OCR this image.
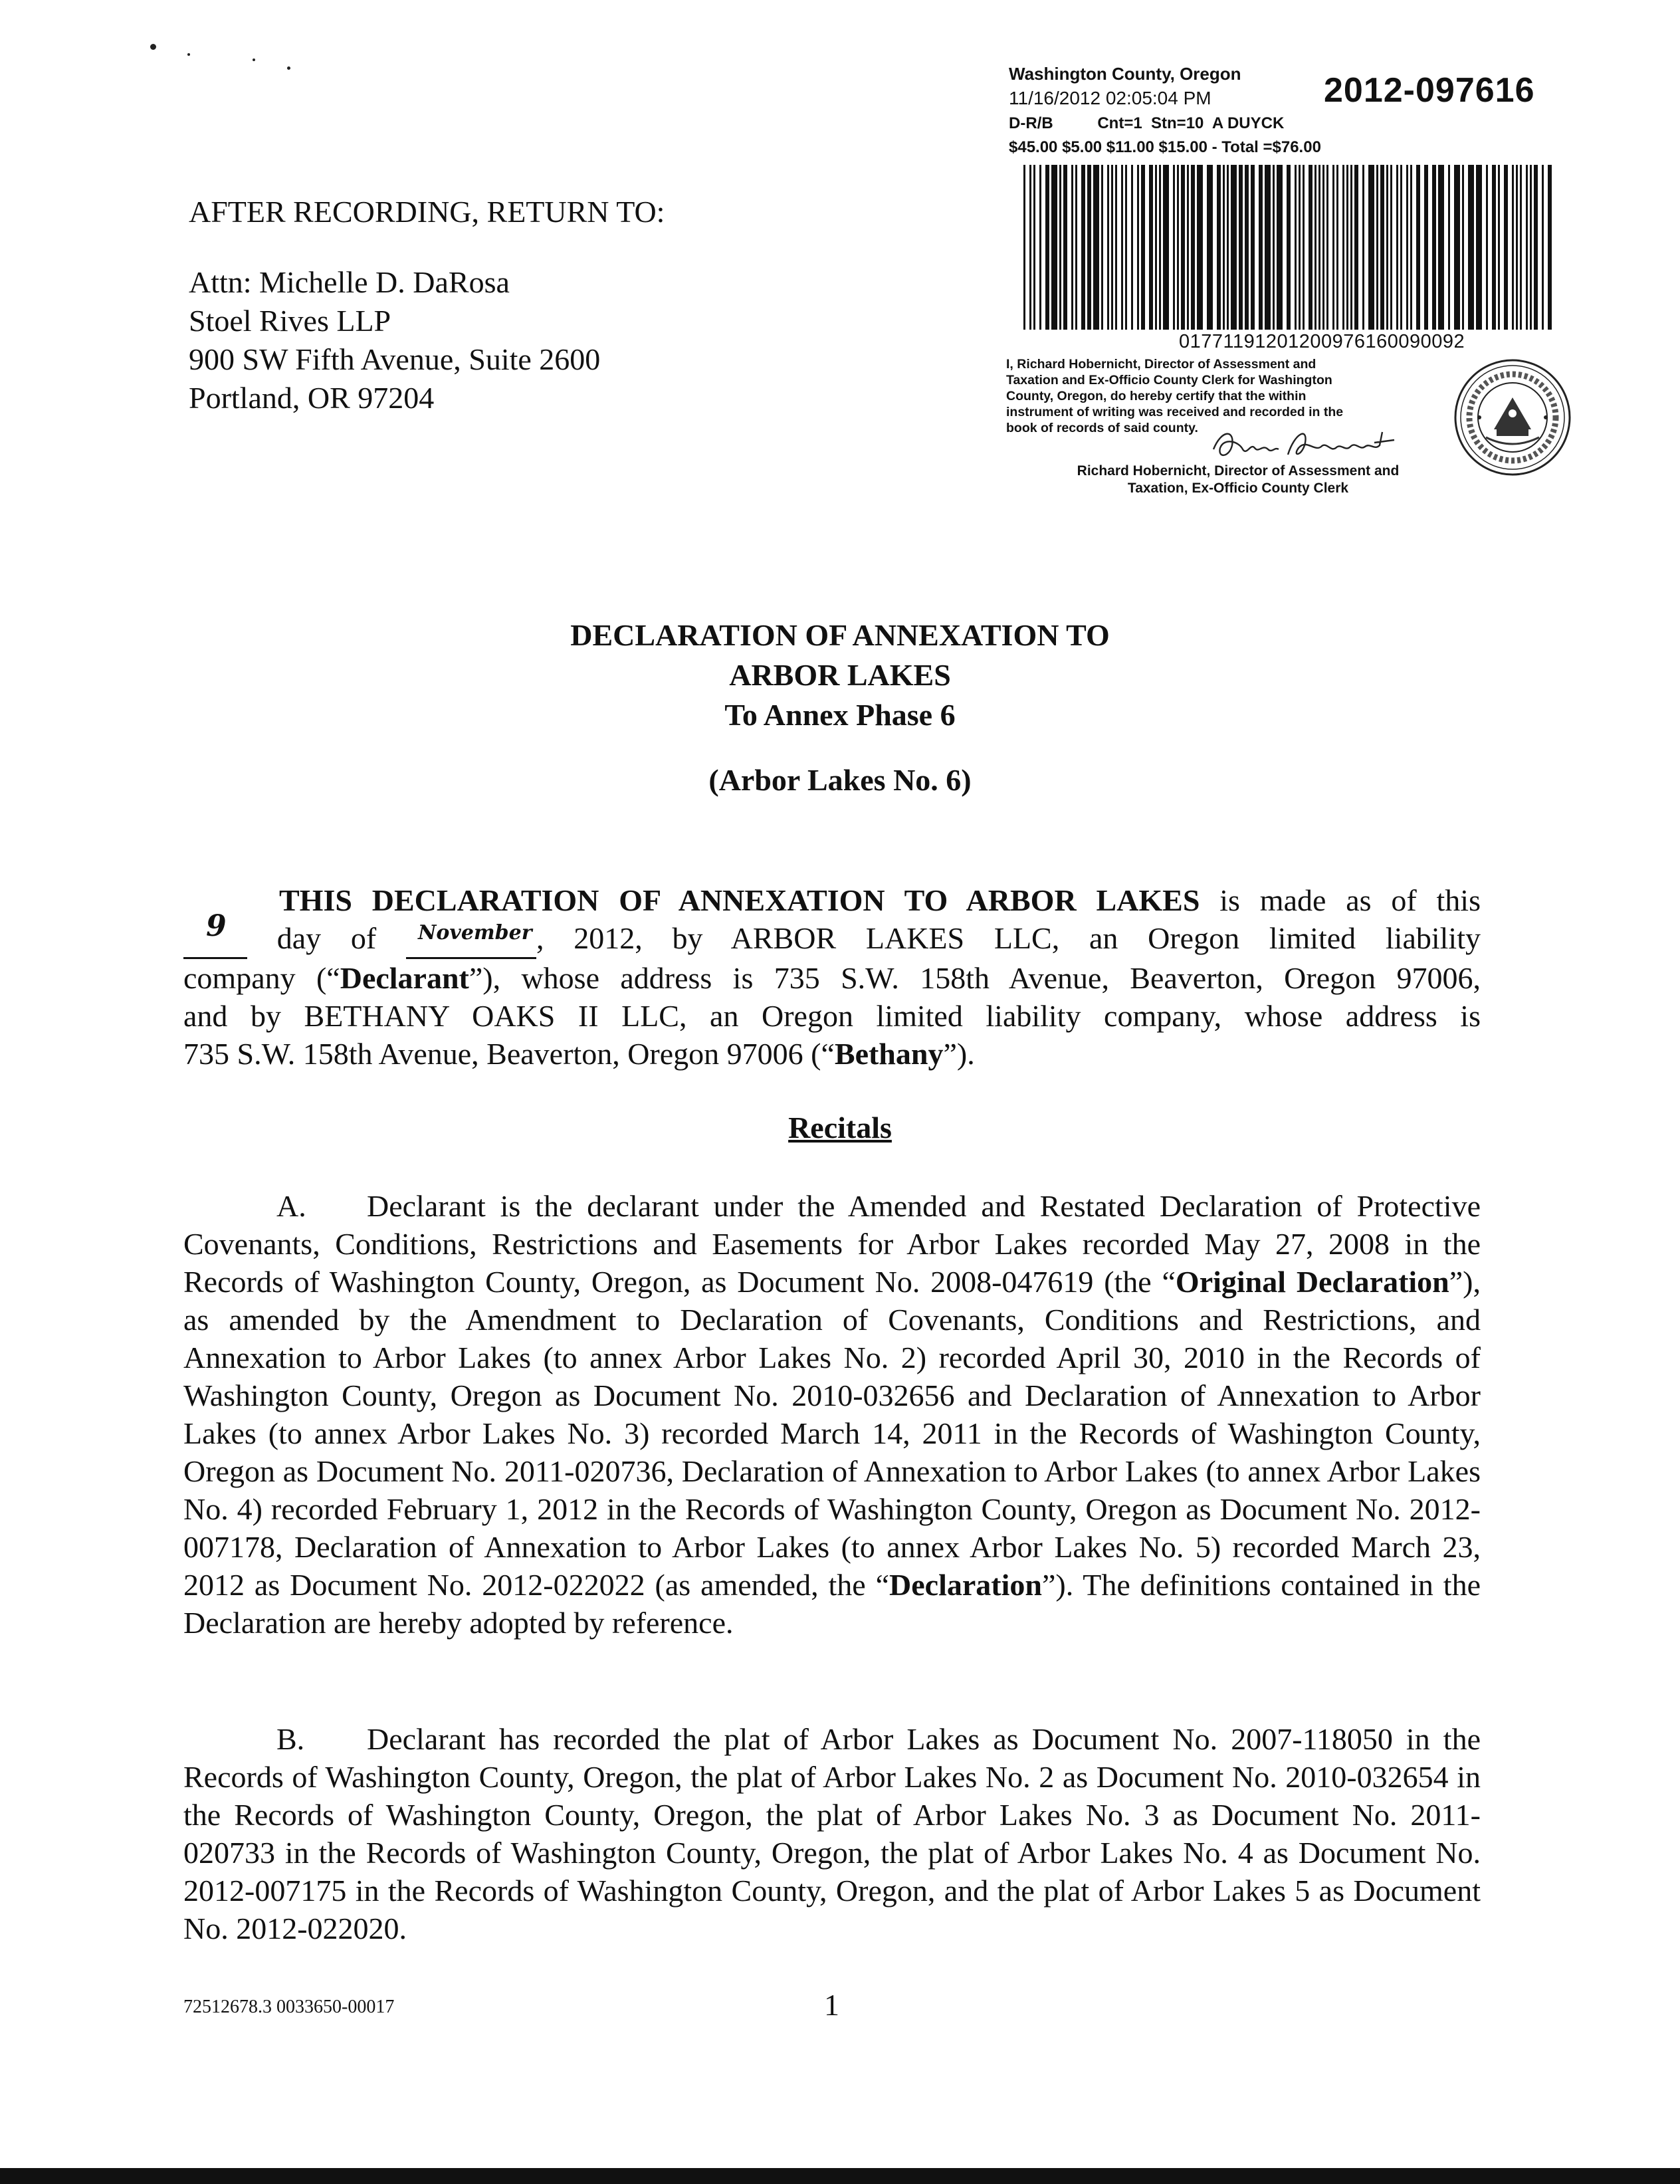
Washington County, Oregon 2012-097616
11/16/2012 02:05:04 PM
D-R/B          Cnt=1  Stn=10  A DUYCK
$45.00 $5.00 $11.00 $15.00 - Total =$76.00
01771191201200976160090092
I, Richard Hobernicht, Director of Assessment and
Taxation and Ex-Officio County Clerk for Washington
County, Oregon, do hereby certify that the within
instrument of writing was received and recorded in the
book of records of said county.
Richard Hobernicht, Director of Assessment and
Taxation, Ex-Officio County Clerk
AFTER RECORDING, RETURN TO:
Attn: Michelle D. DaRosa
Stoel Rives LLP
900 SW Fifth Avenue, Suite 2600
Portland, OR 97204
DECLARATION OF ANNEXATION TO
ARBOR LAKES
To Annex Phase 6
(Arbor Lakes No. 6)
THIS DECLARATION OF ANNEXATION TO ARBOR LAKES is made as of this
9 day of November , 2012, by ARBOR LAKES LLC, an Oregon limited liability
company (“Declarant”), whose address is 735 S.W. 158th Avenue, Beaverton, Oregon 97006,
and by BETHANY OAKS II LLC, an Oregon limited liability company, whose address is
735 S.W. 158th Avenue, Beaverton, Oregon 97006 (“Bethany”).
Recitals
A. Declarant is the declarant under the Amended and Restated Declaration of Protective Covenants, Conditions, Restrictions and Easements for Arbor Lakes recorded May 27, 2008 in the Records of Washington County, Oregon, as Document No. 2008-047619 (the “Original Declaration”), as amended by the Amendment to Declaration of Covenants, Conditions and Restrictions, and Annexation to Arbor Lakes (to annex Arbor Lakes No. 2) recorded April 30, 2010 in the Records of Washington County, Oregon as Document No. 2010-032656 and Declaration of Annexation to Arbor Lakes (to annex Arbor Lakes No. 3) recorded March 14, 2011 in the Records of Washington County, Oregon as Document No. 2011-020736, Declaration of Annexation to Arbor Lakes (to annex Arbor Lakes No. 4) recorded February 1, 2012 in the Records of Washington County, Oregon as Document No. 2012-007178, Declaration of Annexation to Arbor Lakes (to annex Arbor Lakes No. 5) recorded March 23, 2012 as Document No. 2012-022022 (as amended, the “Declaration”). The definitions contained in the Declaration are hereby adopted by reference.
B. Declarant has recorded the plat of Arbor Lakes as Document No. 2007-118050 in the Records of Washington County, Oregon, the plat of Arbor Lakes No. 2 as Document No. 2010-032654 in the Records of Washington County, Oregon, the plat of Arbor Lakes No. 3 as Document No. 2011-020733 in the Records of Washington County, Oregon, the plat of Arbor Lakes No. 4 as Document No. 2012-007175 in the Records of Washington County, Oregon, and the plat of Arbor Lakes 5 as Document No. 2012-022020.
72512678.3 0033650-00017	1
